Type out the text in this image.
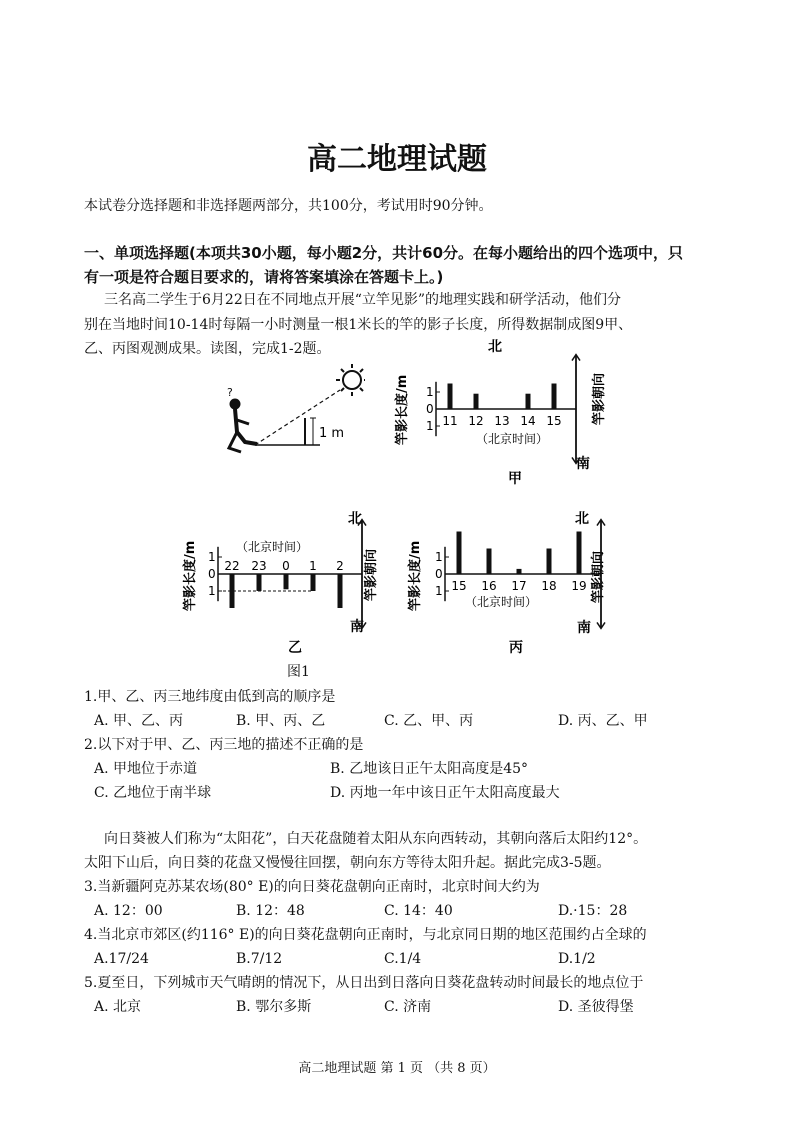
高二地理试题
本试卷分选择题和非选择题两部分，共100分，考试用时90分钟。
一、单项选择题(本项共30小题，每小题2分，共计60分。在每小题给出的四个选项中，只
有一项是符合题目要求的，请将答案填涂在答题卡上。)
三名高二学生于6月22日在不同地点开展“立竿见影”的地理实践和研学活动，他们分
别在当地时间10-14时每隔一小时测量一根1米长的竿的影子长度，所得数据制成图9甲、
乙、丙图观测成果。读图，完成1-2题。
?
1 m
北
南
甲
竿影长度/m	竿影朝向
（北京时间）
1
0
1 11 12 13 14 15
北
南
乙
竿影长度/m	竿影朝向
（北京时间）
1
0
1
22 23 0 1 2
北
南
丙
竿影长度/m	竿影朝向
（北京时间）
1
0
1 15 16 17 18 19
图1
1.甲、乙、丙三地纬度由低到高的顺序是
A. 甲、乙、丙	B. 甲、丙、乙	C. 乙、甲、丙	D. 丙、乙、甲
2.以下对于甲、乙、丙三地的描述不正确的是
A. 甲地位于赤道	B. 乙地该日正午太阳高度是45°
C. 乙地位于南半球	D. 丙地一年中该日正午太阳高度最大
向日葵被人们称为“太阳花”，白天花盘随着太阳从东向西转动，其朝向落后太阳约12°。
太阳下山后，向日葵的花盘又慢慢往回摆，朝向东方等待太阳升起。据此完成3-5题。
3.当新疆阿克苏某农场(80° E)的向日葵花盘朝向正南时，北京时间大约为
A. 12：00	B. 12：48	C. 14：40	D.·15：28
4.当北京市郊区(约116° E)的向日葵花盘朝向正南时，与北京同日期的地区范围约占全球的
A.17/24	B.7/12	C.1/4	D.1/2
5.夏至日，下列城市天气晴朗的情况下，从日出到日落向日葵花盘转动时间最长的地点位于
A. 北京	B. 鄂尔多斯	C. 济南	D. 圣彼得堡
高二地理试题 第 1 页 （共 8 页）
